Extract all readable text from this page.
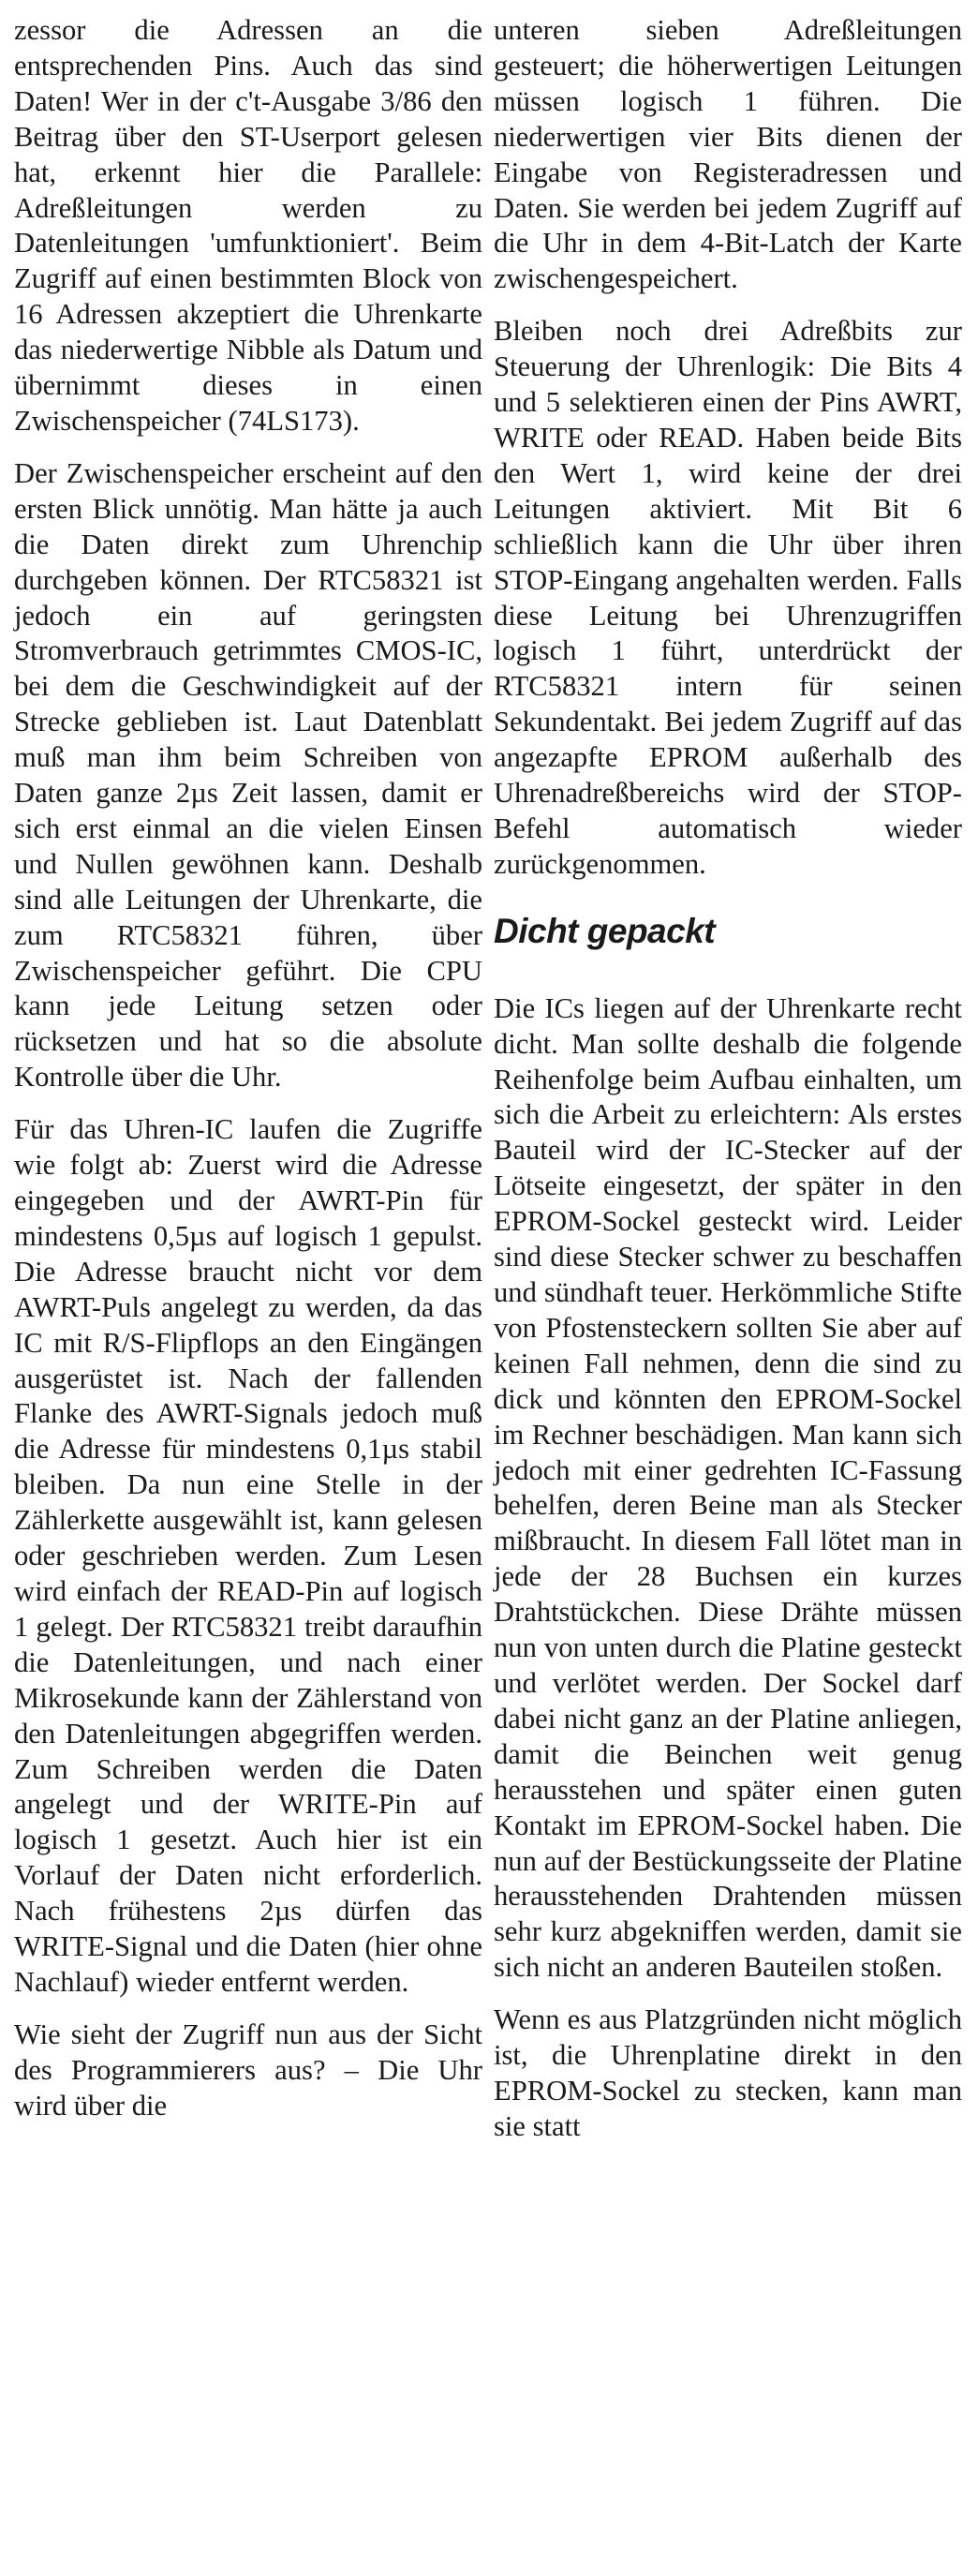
zessor die Adressen an die entsprechenden Pins. Auch das sind Daten! Wer in der c't-Ausgabe 3/86 den Beitrag über den ST-Userport gelesen hat, erkennt hier die Parallele: Adreßleitungen werden zu Datenleitungen 'umfunktioniert'. Beim Zugriff auf einen bestimmten Block von 16 Adressen akzeptiert die Uhrenkarte das niederwertige Nibble als Datum und übernimmt dieses in einen Zwischenspeicher (74LS173).

Der Zwischenspeicher erscheint auf den ersten Blick unnötig. Man hätte ja auch die Daten direkt zum Uhrenchip durchgeben können. Der RTC58321 ist jedoch ein auf geringsten Stromverbrauch getrimmtes CMOS-IC, bei dem die Geschwindigkeit auf der Strecke geblieben ist. Laut Datenblatt muß man ihm beim Schreiben von Daten ganze 2µs Zeit lassen, damit er sich erst einmal an die vielen Einsen und Nullen gewöhnen kann. Deshalb sind alle Leitungen der Uhrenkarte, die zum RTC58321 führen, über Zwischenspeicher geführt. Die CPU kann jede Leitung setzen oder rücksetzen und hat so die absolute Kontrolle über die Uhr.

Für das Uhren-IC laufen die Zugriffe wie folgt ab: Zuerst wird die Adresse eingegeben und der AWRT-Pin für mindestens 0,5µs auf logisch 1 gepulst. Die Adresse braucht nicht vor dem AWRT-Puls angelegt zu werden, da das IC mit R/S-Flipflops an den Eingängen ausgerüstet ist. Nach der fallenden Flanke des AWRT-Signals jedoch muß die Adresse für mindestens 0,1µs stabil bleiben. Da nun eine Stelle in der Zählerkette ausgewählt ist, kann gelesen oder geschrieben werden. Zum Lesen wird einfach der READ-Pin auf logisch 1 gelegt. Der RTC58321 treibt daraufhin die Datenleitungen, und nach einer Mikrosekunde kann der Zählerstand von den Datenleitungen abgegriffen werden. Zum Schreiben werden die Daten angelegt und der WRITE-Pin auf logisch 1 gesetzt. Auch hier ist ein Vorlauf der Daten nicht erforderlich. Nach frühestens 2µs dürfen das WRITE-Signal und die Daten (hier ohne Nachlauf) wieder entfernt werden.

Wie sieht der Zugriff nun aus der Sicht des Programmierers aus? – Die Uhr wird über die

unteren sieben Adreßleitungen gesteuert; die höherwertigen Leitungen müssen logisch 1 führen. Die niederwertigen vier Bits dienen der Eingabe von Registeradressen und Daten. Sie werden bei jedem Zugriff auf die Uhr in dem 4-Bit-Latch der Karte zwischengespeichert.

Bleiben noch drei Adreßbits zur Steuerung der Uhrenlogik: Die Bits 4 und 5 selektieren einen der Pins AWRT, WRITE oder READ. Haben beide Bits den Wert 1, wird keine der drei Leitungen aktiviert. Mit Bit 6 schließlich kann die Uhr über ihren STOP-Eingang angehalten werden. Falls diese Leitung bei Uhrenzugriffen logisch 1 führt, unterdrückt der RTC58321 intern für seinen Sekundentakt. Bei jedem Zugriff auf das angezapfte EPROM außerhalb des Uhrenadreßbereichs wird der STOP-Befehl automatisch wieder zurückgenommen.

Dicht gepackt

Die ICs liegen auf der Uhrenkarte recht dicht. Man sollte deshalb die folgende Reihenfolge beim Aufbau einhalten, um sich die Arbeit zu erleichtern: Als erstes Bauteil wird der IC-Stecker auf der Lötseite eingesetzt, der später in den EPROM-Sockel gesteckt wird. Leider sind diese Stecker schwer zu beschaffen und sündhaft teuer. Herkömmliche Stifte von Pfostensteckern sollten Sie aber auf keinen Fall nehmen, denn die sind zu dick und könnten den EPROM-Sockel im Rechner beschädigen. Man kann sich jedoch mit einer gedrehten IC-Fassung behelfen, deren Beine man als Stecker mißbraucht. In diesem Fall lötet man in jede der 28 Buchsen ein kurzes Drahtstückchen. Diese Drähte müssen nun von unten durch die Platine gesteckt und verlötet werden. Der Sockel darf dabei nicht ganz an der Platine anliegen, damit die Beinchen weit genug herausstehen und später einen guten Kontakt im EPROM-Sockel haben. Die nun auf der Bestückungsseite der Platine herausstehenden Drahtenden müssen sehr kurz abgekniffen werden, damit sie sich nicht an anderen Bauteilen stoßen.

Wenn es aus Platzgründen nicht möglich ist, die Uhrenplatine direkt in den EPROM-Sockel zu stecken, kann man sie statt
